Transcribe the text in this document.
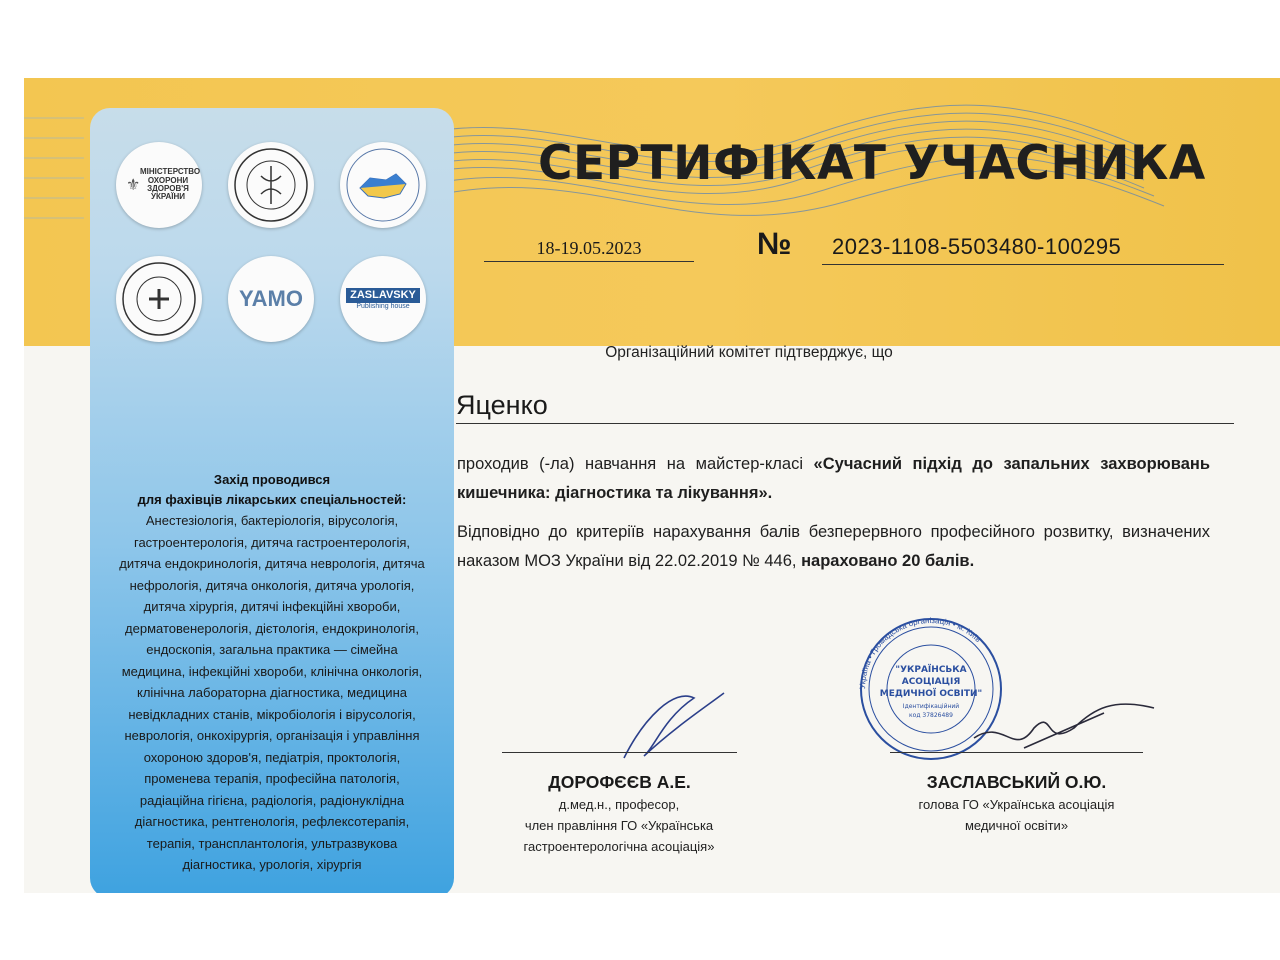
⚜
МІНІСТЕРСТВО ОХОРОНИ ЗДОРОВ'Я УКРАЇНИ
YAMO	ZASLAVSKY
Publishing house
Захід проводився
для фахівців лікарських спеціальностей:
Анестезіологія, бактеріологія, вірусологія, гастроентерологія, дитяча гастроентерологія, дитяча ендокринологія, дитяча неврологія, дитяча нефрологія, дитяча онкологія, дитяча урологія, дитяча хірургія, дитячі інфекційні хвороби, дерматовенерологія, дієтологія, ендокринологія, ендоскопія, загальна практика — сімейна медицина, інфекційні хвороби, клінічна онкологія, клінічна лабораторна діагностика, медицина невідкладних станів, мікробіологія і вірусологія, неврологія, онкохірургія, організація і управління охороною здоров'я, педіатрія, проктологія, променева терапія, професійна патологія, радіаційна гігієна, радіологія, радіонуклідна діагностика, рентгенологія, рефлексотерапія, терапія, трансплантологія, ультразвукова діагностика, урологія, хірургія
СЕРТИФІКАТ УЧАСНИКА
18-19.05.2023	№	2023-1108-5503480-100295
Організаційний комітет підтверджує, що
Яценко
проходив (-ла) навчання на майстер-класі «Сучасний підхід до запальних захворювань кишечника: діагностика та лікування».
Відповідно до критеріїв нарахування балів безперервного професійного розвитку, визначених наказом МОЗ України від 22.02.2019 № 446, нараховано 20 балів.
ДОРОФЄЄВ А.Е.
д.мед.н., професор,
член правління ГО «Українська
гастроентерологічна асоціація»
"УКРАЇНСЬКА
АСОЦІАЦІЯ
МЕДИЧНОЇ ОСВІТИ"
Ідентифікаційний
код 37826489
Україна • Громадська організація • м. Київ
ЗАСЛАВСЬКИЙ О.Ю.
голова ГО «Українська асоціація
медичної освіти»
